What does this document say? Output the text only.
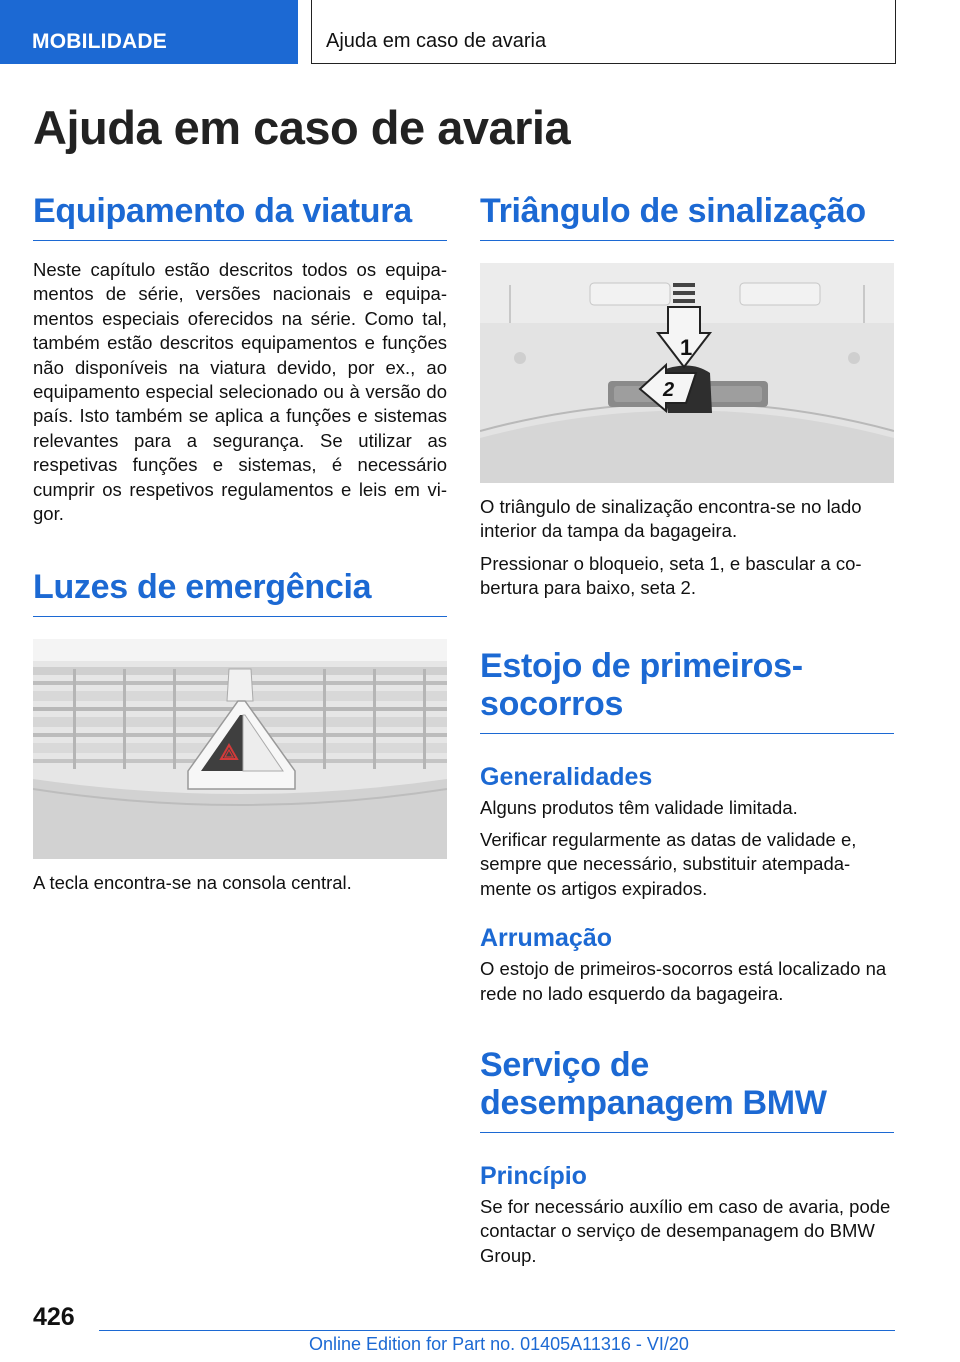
MOBILIDADE	Ajuda em caso de avaria
Ajuda em caso de avaria
Equipamento da viatura

Neste capítulo estão descritos todos os equipamentos de série, versões nacionais e equipamentos especiais oferecidos na série. Como tal, também estão descritos equipamentos e funções não disponíveis na viatura devido, por ex., ao equipamento especial selecionado ou à versão do país. Isto também se aplica a funções e sistemas relevantes para a segurança. Se utilizar as respetivas funções e sistemas, é necessário cumprir os respetivos regulamentos e leis em vigor.

Luzes de emergência

A tecla encontra-se na consola central.

Triângulo de sinalização
1
2

O triângulo de sinalização encontra-se no lado interior da tampa da bagageira.

Pressionar o bloqueio, seta 1, e bascular a cobertura para baixo, seta 2.

Estojo de primeiros-socorros
Generalidades

Alguns produtos têm validade limitada.

Verificar regularmente as datas de validade e, sempre que necessário, substituir atempadamente os artigos expirados.

Arrumação

O estojo de primeiros-socorros está localizado na rede no lado esquerdo da bagageira.

Serviço de desempanagem BMW
Princípio

Se for necessário auxílio em caso de avaria, pode contactar o serviço de desempanagem do BMW Group.

426
Online Edition for Part no. 01405A11316 - VI/20
